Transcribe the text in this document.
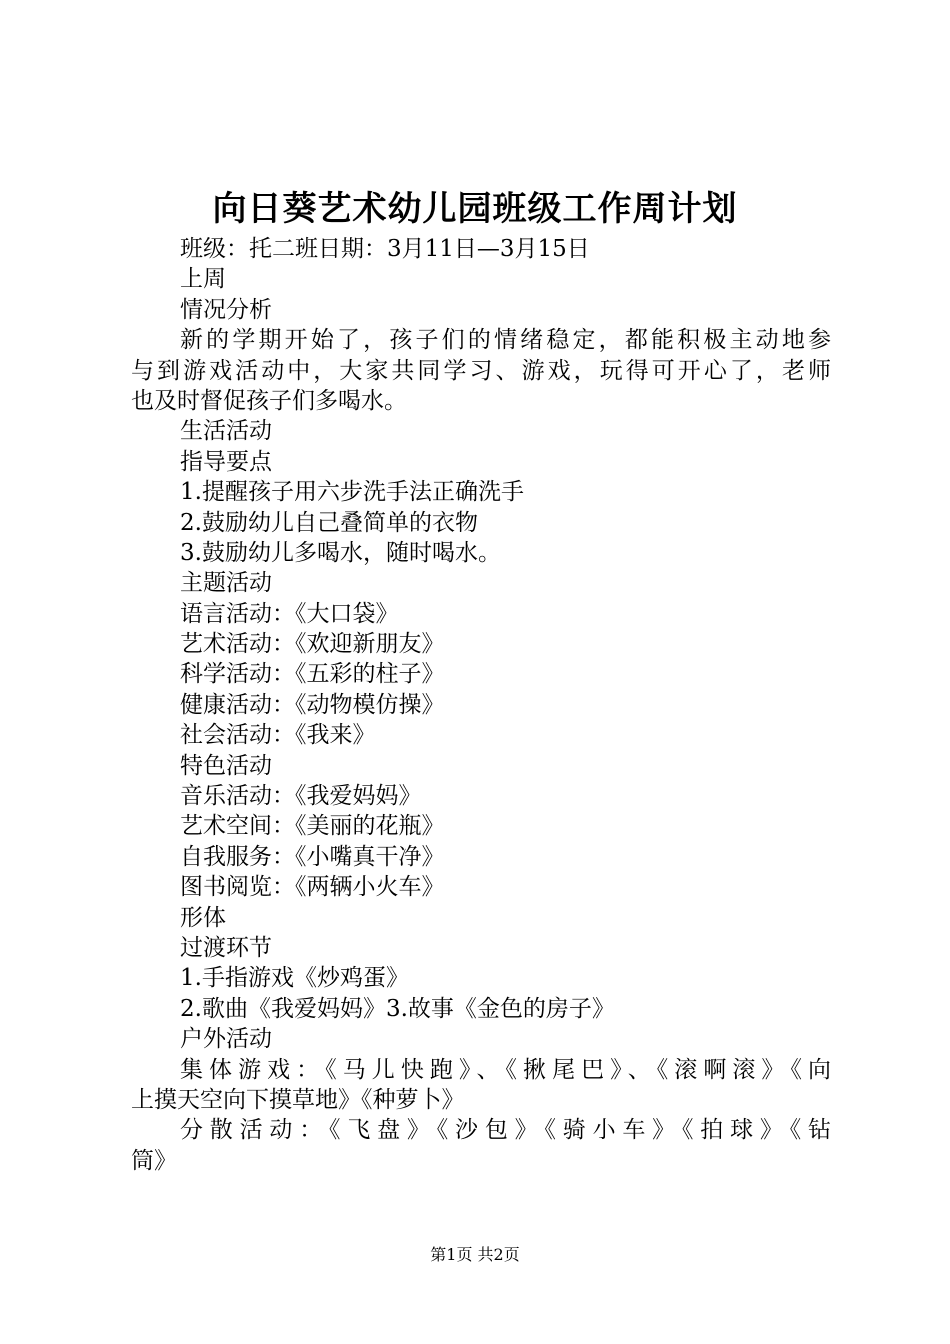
向日葵艺术幼儿园班级工作周计划
班级：托二班日期：3月11日—3月15日
上周
情况分析
新的学期开始了，孩子们的情绪稳定，都能积极主动地参
与到游戏活动中，大家共同学习、游戏，玩得可开心了，老师
也及时督促孩子们多喝水。
生活活动
指导要点
1.提醒孩子用六步洗手法正确洗手
2.鼓励幼儿自己叠简单的衣物
3.鼓励幼儿多喝水，随时喝水。
主题活动
语言活动：《大口袋》
艺术活动：《欢迎新朋友》
科学活动：《五彩的柱子》
健康活动：《动物模仿操》
社会活动：《我来》
特色活动
音乐活动：《我爱妈妈》
艺术空间：《美丽的花瓶》
自我服务：《小嘴真干净》
图书阅览：《两辆小火车》
形体
过渡环节
1.手指游戏《炒鸡蛋》
2.歌曲《我爱妈妈》3.故事《金色的房子》
户外活动
集体游戏：《马儿快跑》、《揪尾巴》、《滚啊滚》《向
上摸天空向下摸草地》《种萝卜》
分散活动：《飞盘》《沙包》《骑小车》《拍球》《钻
筒》
第1页 共2页
